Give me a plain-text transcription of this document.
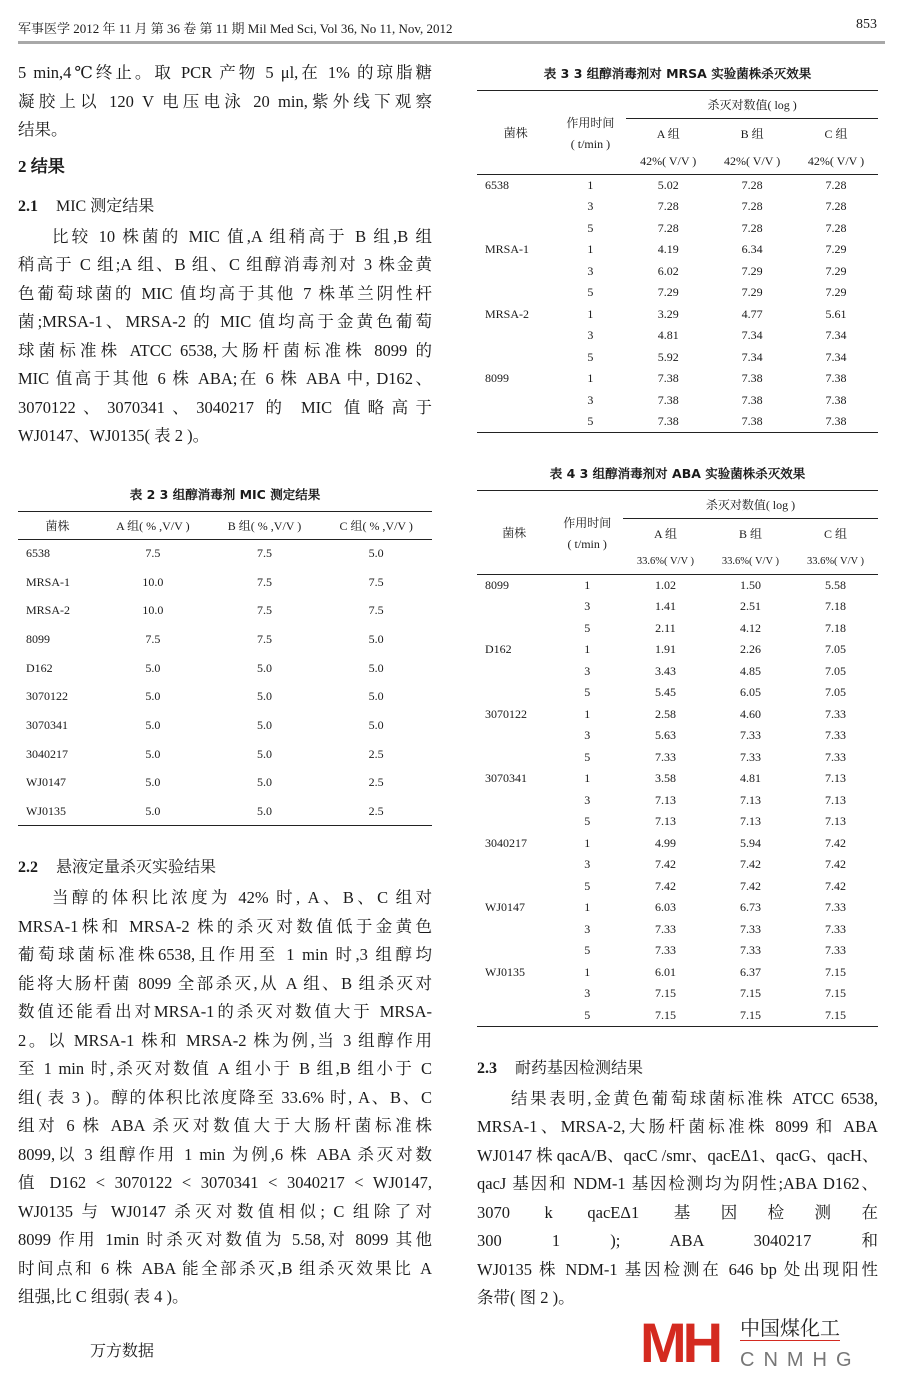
军事医学 2012 年 11 月 第 36 卷 第 11 期 Mil Med Sci, Vol 36, No 11, Nov, 2012	853
5 min,4℃终止。取 PCR 产物 5 μl,在 1% 的琼脂糖
凝胶上以 120 V 电压电泳 20 min,紫外线下观察
结果。
2 结果
2.1 MIC 测定结果
比较 10 株菌的 MIC 值,A 组稍高于 B 组,B 组
稍高于 C 组;A 组、B 组、C 组醇消毒剂对 3 株金黄
色葡萄球菌的 MIC 值均高于其他 7 株革兰阴性杆
菌;MRSA-1、MRSA-2 的 MIC 值均高于金黄色葡萄
球菌标准株 ATCC 6538,大肠杆菌标准株 8099 的
MIC 值高于其他 6 株 ABA;在 6 株 ABA 中, D162、
3070122、3070341、3040217 的 MIC 值略高于
WJ0147、WJ0135( 表 2 )。
表 2 3 组醇消毒剂 MIC 测定结果
菌株	A 组( % ,V/V )	B 组( % ,V/V )	C 组( % ,V/V )
6538	7.5	7.5	5.0
MRSA-1	10.0	7.5	7.5
MRSA-2	10.0	7.5	7.5
8099	7.5	7.5	5.0
D162	5.0	5.0	5.0
3070122	5.0	5.0	5.0
3070341	5.0	5.0	5.0
3040217	5.0	5.0	2.5
WJ0147	5.0	5.0	2.5
WJ0135	5.0	5.0	2.5
2.2 悬液定量杀灭实验结果
当醇的体积比浓度为 42% 时, A、B、C 组对
MRSA-1株和 MRSA-2 株的杀灭对数值低于金黄色
葡萄球菌标准株6538,且作用至 1 min 时,3 组醇均
能将大肠杆菌 8099 全部杀灭,从 A 组、B 组杀灭对
数值还能看出对MRSA-1的杀灭对数值大于 MRSA-
2。以 MRSA-1 株和 MRSA-2 株为例,当 3 组醇作用
至 1 min 时,杀灭对数值 A 组小于 B 组,B 组小于 C
组( 表 3 )。醇的体积比浓度降至 33.6% 时, A、B、C
组对 6 株 ABA 杀灭对数值大于大肠杆菌标准株
8099,以 3 组醇作用 1 min 为例,6 株 ABA 杀灭对数
值 D162 < 3070122 < 3070341 < 3040217 < WJ0147,
WJ0135 与 WJ0147 杀灭对数值相似; C 组除了对
8099 作用 1min 时杀灭对数值为 5.58,对 8099 其他
时间点和 6 株 ABA 能全部杀灭,B 组杀灭效果比 A
组强,比 C 组弱( 表 4 )。
表 3 3 组醇消毒剂对 MRSA 实验菌株杀灭效果
菌株	作用时间
( t/min )	杀灭对数值( log )		
		A 组	B 组	C 组
		42%( V/V )	42%( V/V )	42%( V/V )
6538	1	5.02	7.28	7.28
	3	7.28	7.28	7.28
	5	7.28	7.28	7.28
MRSA-1	1	4.19	6.34	7.29
	3	6.02	7.29	7.29
	5	7.29	7.29	7.29
MRSA-2	1	3.29	4.77	5.61
	3	4.81	7.34	7.34
	5	5.92	7.34	7.34
8099	1	7.38	7.38	7.38
	3	7.38	7.38	7.38
	5	7.38	7.38	7.38
表 4 3 组醇消毒剂对 ABA 实验菌株杀灭效果
菌株	作用时间
( t/min )	杀灭对数值( log )		
		A 组	B 组	C 组
		33.6%( V/V )	33.6%( V/V )	33.6%( V/V )
8099	1	1.02	1.50	5.58
	3	1.41	2.51	7.18
	5	2.11	4.12	7.18
D162	1	1.91	2.26	7.05
	3	3.43	4.85	7.05
	5	5.45	6.05	7.05
3070122	1	2.58	4.60	7.33
	3	5.63	7.33	7.33
	5	7.33	7.33	7.33
3070341	1	3.58	4.81	7.13
	3	7.13	7.13	7.13
	5	7.13	7.13	7.13
3040217	1	4.99	5.94	7.42
	3	7.42	7.42	7.42
	5	7.42	7.42	7.42
WJ0147	1	6.03	6.73	7.33
	3	7.33	7.33	7.33
	5	7.33	7.33	7.33
WJ0135	1	6.01	6.37	7.15
	3	7.15	7.15	7.15
	5	7.15	7.15	7.15
2.3 耐药基因检测结果
结果表明,金黄色葡萄球菌标准株 ATCC 6538,
MRSA-1、MRSA-2,大肠杆菌标准株 8099 和 ABA
WJ0147 株 qacA/B、qacC /smr、qacEΔ1、qacG、qacH、
qacJ 基因和 NDM-1 基因检测均为阴性;ABA D162、
3070 k qacEΔ1 基因检测在
300 1 ); ABA 3040217 和
WJ0135 株 NDM-1 基因检测在 646 bp 处出现阳性
条带( 图 2 )。
MH	中国煤化工
CNMHG
万方数据
